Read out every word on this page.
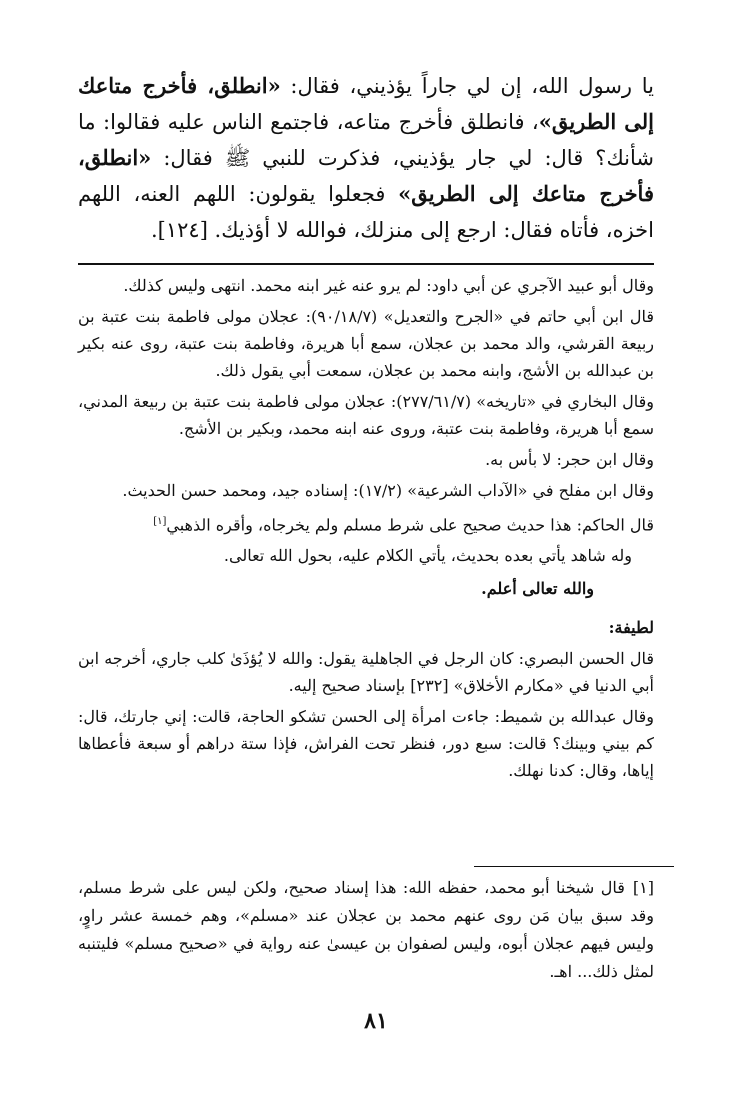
يا رسول الله، إن لي جاراً يؤذيني، فقال: «انطلق، فأخرج متاعك إلى الطريق»، فانطلق فأخرج متاعه، فاجتمع الناس عليه فقالوا: ما شأنك؟ قال: لي جار يؤذيني، فذكرت للنبي ﷺ فقال: «انطلق، فأخرج متاعك إلى الطريق» فجعلوا يقولون: اللهم العنه، اللهم اخزه، فأتاه فقال: ارجع إلى منزلك، فوالله لا أؤذيك. [١٢٤].

وقال أبو عبيد الآجري عن أبي داود: لم يرو عنه غير ابنه محمد. انتهى وليس كذلك.

قال ابن أبي حاتم في «الجرح والتعديل» (٩٠/١٨/٧): عجلان مولى فاطمة بنت عتبة بن ربيعة القرشي، والد محمد بن عجلان، سمع أبا هريرة، وفاطمة بنت عتبة، روى عنه بكير بن عبدالله بن الأشج، وابنه محمد بن عجلان، سمعت أبي يقول ذلك.

وقال البخاري في «تاريخه» (٢٧٧/٦١/٧): عجلان مولى فاطمة بنت عتبة بن ربيعة المدني، سمع أبا هريرة، وفاطمة بنت عتبة، وروى عنه ابنه محمد، وبكير بن الأشج.

وقال ابن حجر: لا بأس به.

وقال ابن مفلح في «الآداب الشرعية» (١٧/٢): إسناده جيد، ومحمد حسن الحديث.

قال الحاكم: هذا حديث صحيح على شرط مسلم ولم يخرجاه، وأقره الذهبي[١]

وله شاهد يأتي بعده بحديث، يأتي الكلام عليه، بحول الله تعالى.

والله تعالى أعلم.

لطيفة:

قال الحسن البصري: كان الرجل في الجاهلية يقول: والله لا يُؤذَىٰ كلب جاري، أخرجه ابن أبي الدنيا في «مكارم الأخلاق» [٢٣٢] بإسناد صحيح إليه.

وقال عبدالله بن شميط: جاءت امرأة إلى الحسن تشكو الحاجة، قالت: إني جارتك، قال: كم بيني وبينك؟ قالت: سبع دور، فنظر تحت الفراش، فإذا ستة دراهم أو سبعة فأعطاها إياها، وقال: كدنا نهلك.

[١]قال شيخنا أبو محمد، حفظه الله: هذا إسناد صحيح، ولكن ليس على شرط مسلم، وقد سبق بيان مَن روى عنهم محمد بن عجلان عند «مسلم»، وهم خمسة عشر راوٍ، وليس فيهم عجلان أبوه، وليس لصفوان بن عيسىٰ عنه رواية في «صحيح مسلم» فليتنبه لمثل ذلك... اهـ.
٨١
